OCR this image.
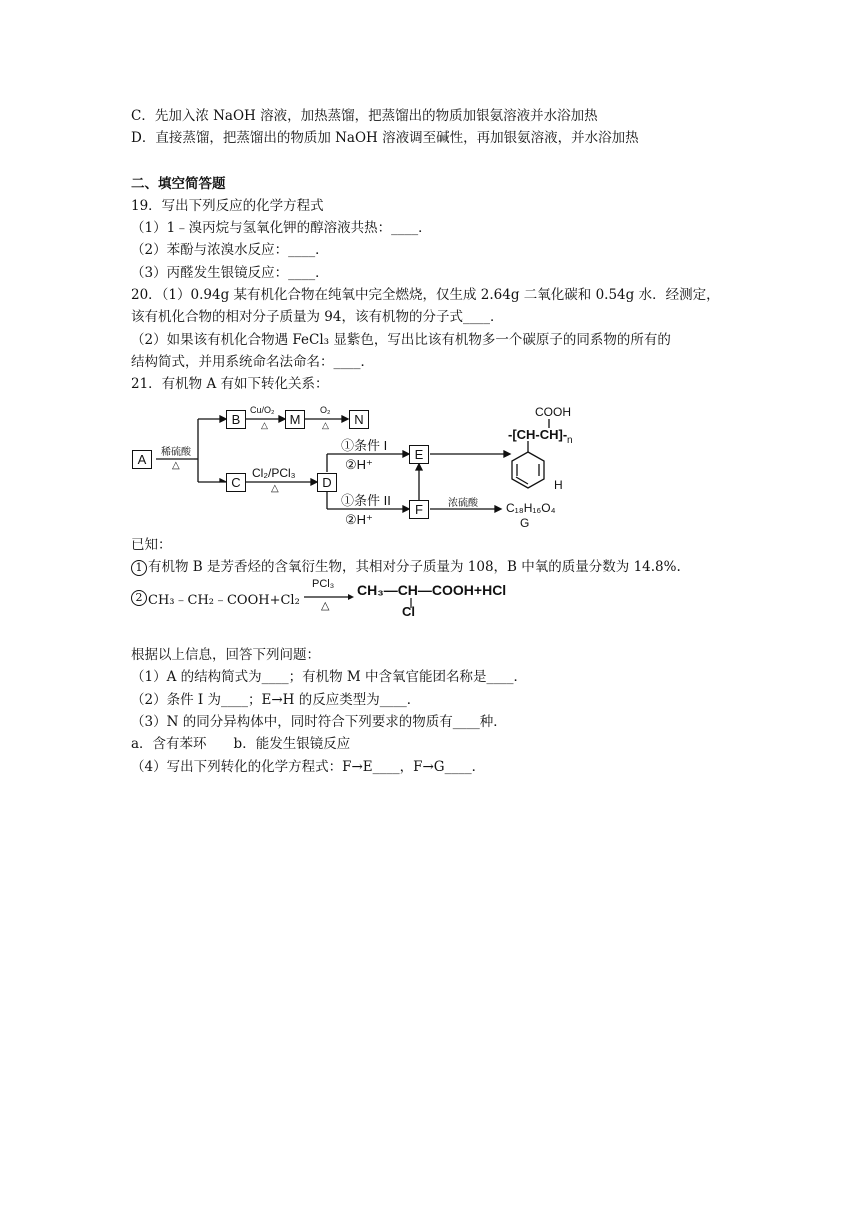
C．先加入浓 NaOH 溶液，加热蒸馏，把蒸馏出的物质加银氨溶液并水浴加热
D．直接蒸馏，把蒸馏出的物质加 NaOH 溶液调至碱性，再加银氨溶液，并水浴加热
二、填空简答题
19．写出下列反应的化学方程式
（1）1﹣溴丙烷与氢氧化钾的醇溶液共热：____．
（2）苯酚与浓溴水反应：____．
（3）丙醛发生银镜反应：____．
20．（1）0.94g 某有机化合物在纯氧中完全燃烧，仅生成 2.64g 二氧化碳和 0.54g 水．经测定，
该有机化合物的相对分子质量为 94，该有机物的分子式____．
（2）如果该有机化合物遇 FeCl₃ 显紫色，写出比该有机物多一个碳原子的同系物的所有的
结构简式，并用系统命名法命名：____．
21．有机物 A 有如下转化关系：
A
B	M	N
C	D
E
F
稀硫酸
△
Cu/O₂
△
O₂
△
Cl₂/PCl₃
△
①条件 I
②H⁺
①条件 II
②H⁺
浓硫酸 C₁₈H₁₆O₄
G
COOH
-[CH-CH]- n
H
已知：
1 有机物 B 是芳香烃的含氧衍生物，其相对分子质量为 108，B 中氧的质量分数为 14.8%.
2 CH₃﹣CH₂﹣COOH+Cl₂
PCl₃
△
CH₃—CH—COOH+HCl
Cl
根据以上信息，回答下列问题：
（1）A 的结构简式为____；有机物 M 中含氧官能团名称是____．
（2）条件 I 为____；E→H 的反应类型为____．
（3）N 的同分异构体中，同时符合下列要求的物质有____种．
a．含有苯环　　b．能发生银镜反应
（4）写出下列转化的化学方程式：F→E____，F→G____．
